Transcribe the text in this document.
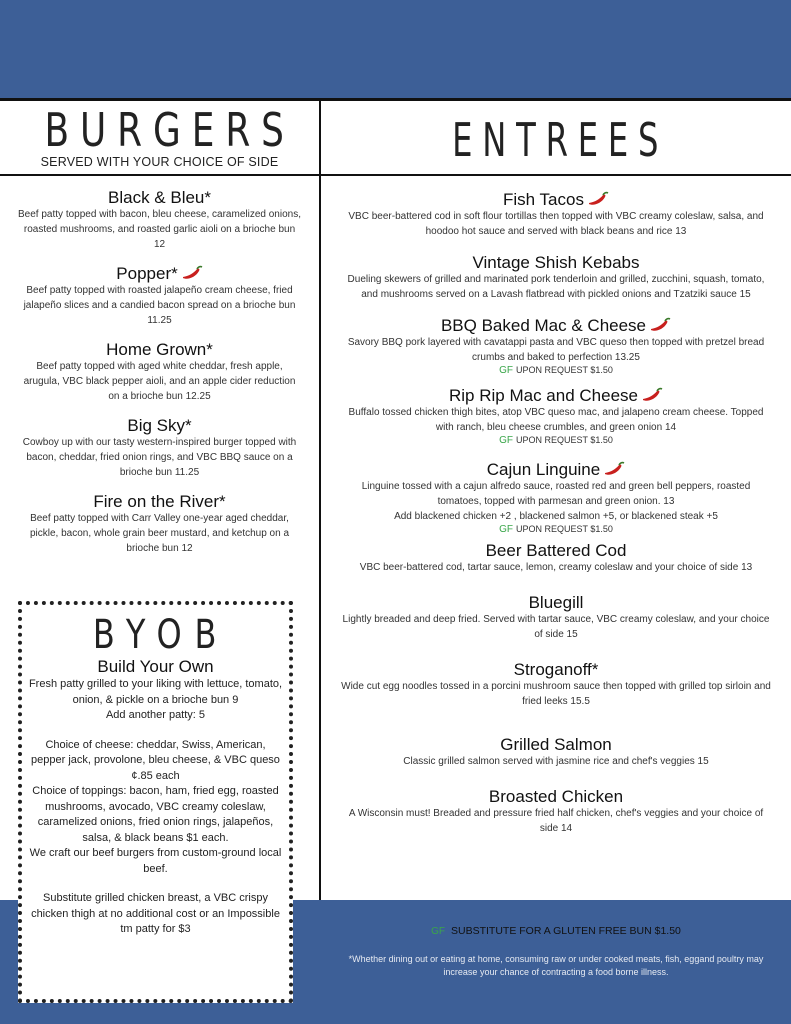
BURGERS
SERVED WITH YOUR CHOICE OF SIDE	ENTREES
Black & Bleu*
Beef patty topped with bacon, bleu cheese, caramelized onions, roasted mushrooms, and roasted garlic aioli on a brioche bun 12
Popper*
Beef patty topped with roasted jalapeño cream cheese, fried jalapeño slices and a candied bacon spread on a brioche bun 11.25
Home Grown*
Beef patty topped with aged white cheddar, fresh apple, arugula, VBC black pepper aioli, and an apple cider reduction on a brioche bun 12.25
Big Sky*
Cowboy up with our tasty western-inspired burger topped with bacon, cheddar, fried onion rings, and VBC BBQ sauce on a brioche bun 11.25
Fire on the River*
Beef patty topped with Carr Valley one-year aged cheddar, pickle, bacon, whole grain beer mustard, and ketchup on a brioche bun 12
BYOB
Build Your Own
Fresh patty grilled to your liking with lettuce, tomato, onion, & pickle on a brioche bun 9
Add another patty: 5
Choice of cheese: cheddar, Swiss, American, pepper jack, provolone, bleu cheese, & VBC queso ¢.85 each
Choice of toppings: bacon, ham, fried egg, roasted mushrooms, avocado, VBC creamy coleslaw, caramelized onions, fried onion rings, jalapeños, salsa, & black beans $1 each.
We craft our beef burgers from custom-ground local beef.
Substitute grilled chicken breast, a VBC crispy chicken thigh at no additional cost or an Impossible tm patty for $3
Fish Tacos
VBC beer-battered cod in soft flour tortillas then topped with VBC creamy coleslaw, salsa, and hoodoo hot sauce and served with black beans and rice 13
Vintage Shish Kebabs
Dueling skewers of grilled and marinated pork tenderloin and grilled, zucchini, squash, tomato, and mushrooms served on a Lavash flatbread with pickled onions and Tzatziki sauce 15
BBQ Baked Mac & Cheese
Savory BBQ pork layered with cavatappi pasta and VBC queso then topped with pretzel bread crumbs and baked to perfection 13.25
GF UPON REQUEST $1.50
Rip Rip Mac and Cheese
Buffalo tossed chicken thigh bites, atop VBC queso mac, and jalapeno cream cheese. Topped with ranch, bleu cheese crumbles, and green onion 14
GF UPON REQUEST $1.50
Cajun Linguine
Linguine tossed with a cajun alfredo sauce, roasted red and green bell peppers, roasted tomatoes, topped with parmesan and green onion. 13
Add blackened chicken +2 , blackened salmon +5, or blackened steak +5
GF UPON REQUEST $1.50
Beer Battered Cod
VBC beer-battered cod, tartar sauce, lemon, creamy coleslaw and your choice of side 13
Bluegill
Lightly breaded and deep fried. Served with tartar sauce, VBC creamy coleslaw, and your choice of side 15
Stroganoff*
Wide cut egg noodles tossed in a porcini mushroom sauce then topped with grilled top sirloin and fried leeks 15.5
Grilled Salmon
Classic grilled salmon served with jasmine rice and chef's veggies 15
Broasted Chicken
A Wisconsin must! Breaded and pressure fried half chicken, chef's veggies and your choice of side 14
GF SUBSTITUTE FOR A GLUTEN FREE BUN $1.50
*Whether dining out or eating at home, consuming raw or under cooked meats, fish, eggand poultry may increase your chance of contracting a food borne illness.
